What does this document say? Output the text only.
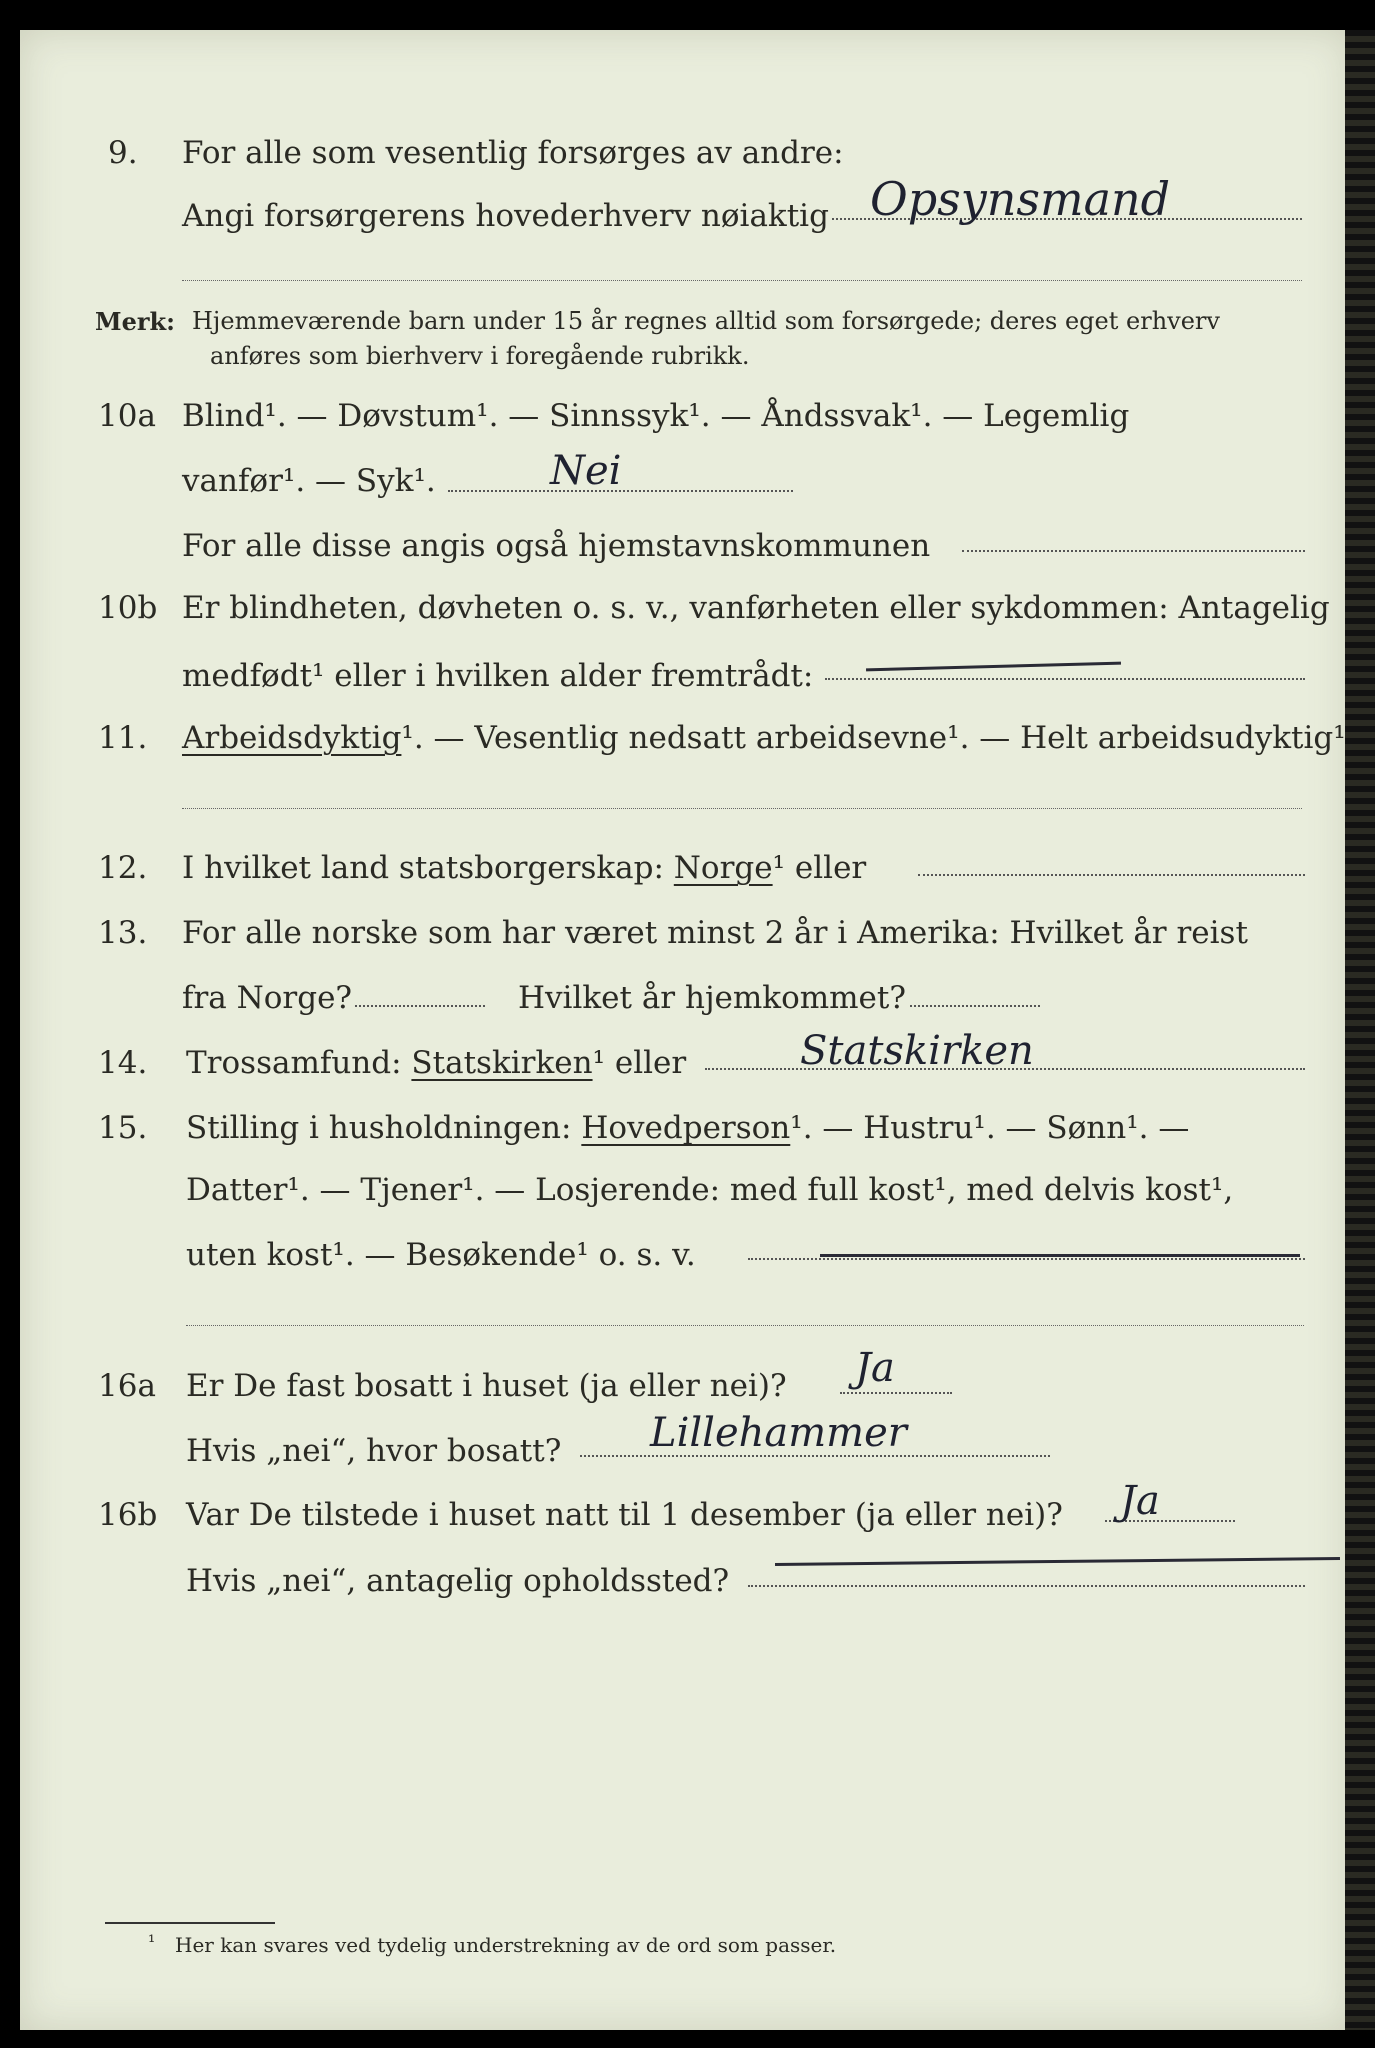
9. For alle som vesentlig forsørges av andre:
Angi forsørgerens hovederhverv nøiaktig Opsynsmand
Merk: Hjemmeværende barn under 15 år regnes alltid som forsørgede; deres eget erhverv
anføres som bierhverv i foregående rubrikk.
10a Blind¹. — Døvstum¹. — Sinnssyk¹. — Åndssvak¹. — Legemlig
vanfør¹. — Syk¹.	Nei
For alle disse angis også hjemstavnskommunen
10b Er blindheten, døvheten o. s. v., vanførheten eller sykdommen: Antagelig
medfødt¹ eller i hvilken alder fremtrådt:
11. Arbeidsdyktig¹. — Vesentlig nedsatt arbeidsevne¹. — Helt arbeidsudyktig¹.
12. I hvilket land statsborgerskap: Norge¹ eller
13. For alle norske som har været minst 2 år i Amerika: Hvilket år reist
fra Norge?	Hvilket år hjemkommet?
14. Trossamfund: Statskirken¹ eller	Statskirken
15. Stilling i husholdningen: Hovedperson¹. — Hustru¹. — Sønn¹. —
Datter¹. — Tjener¹. — Losjerende: med full kost¹, med delvis kost¹,
uten kost¹. — Besøkende¹ o. s. v.
16a Er De fast bosatt i huset (ja eller nei)? Ja
Hvis „nei“, hvor bosatt? Lillehammer
16b Var De tilstede i huset natt til 1 desember (ja eller nei)? Ja
Hvis „nei“, antagelig opholdssted?
¹ Her kan svares ved tydelig understrekning av de ord som passer.
